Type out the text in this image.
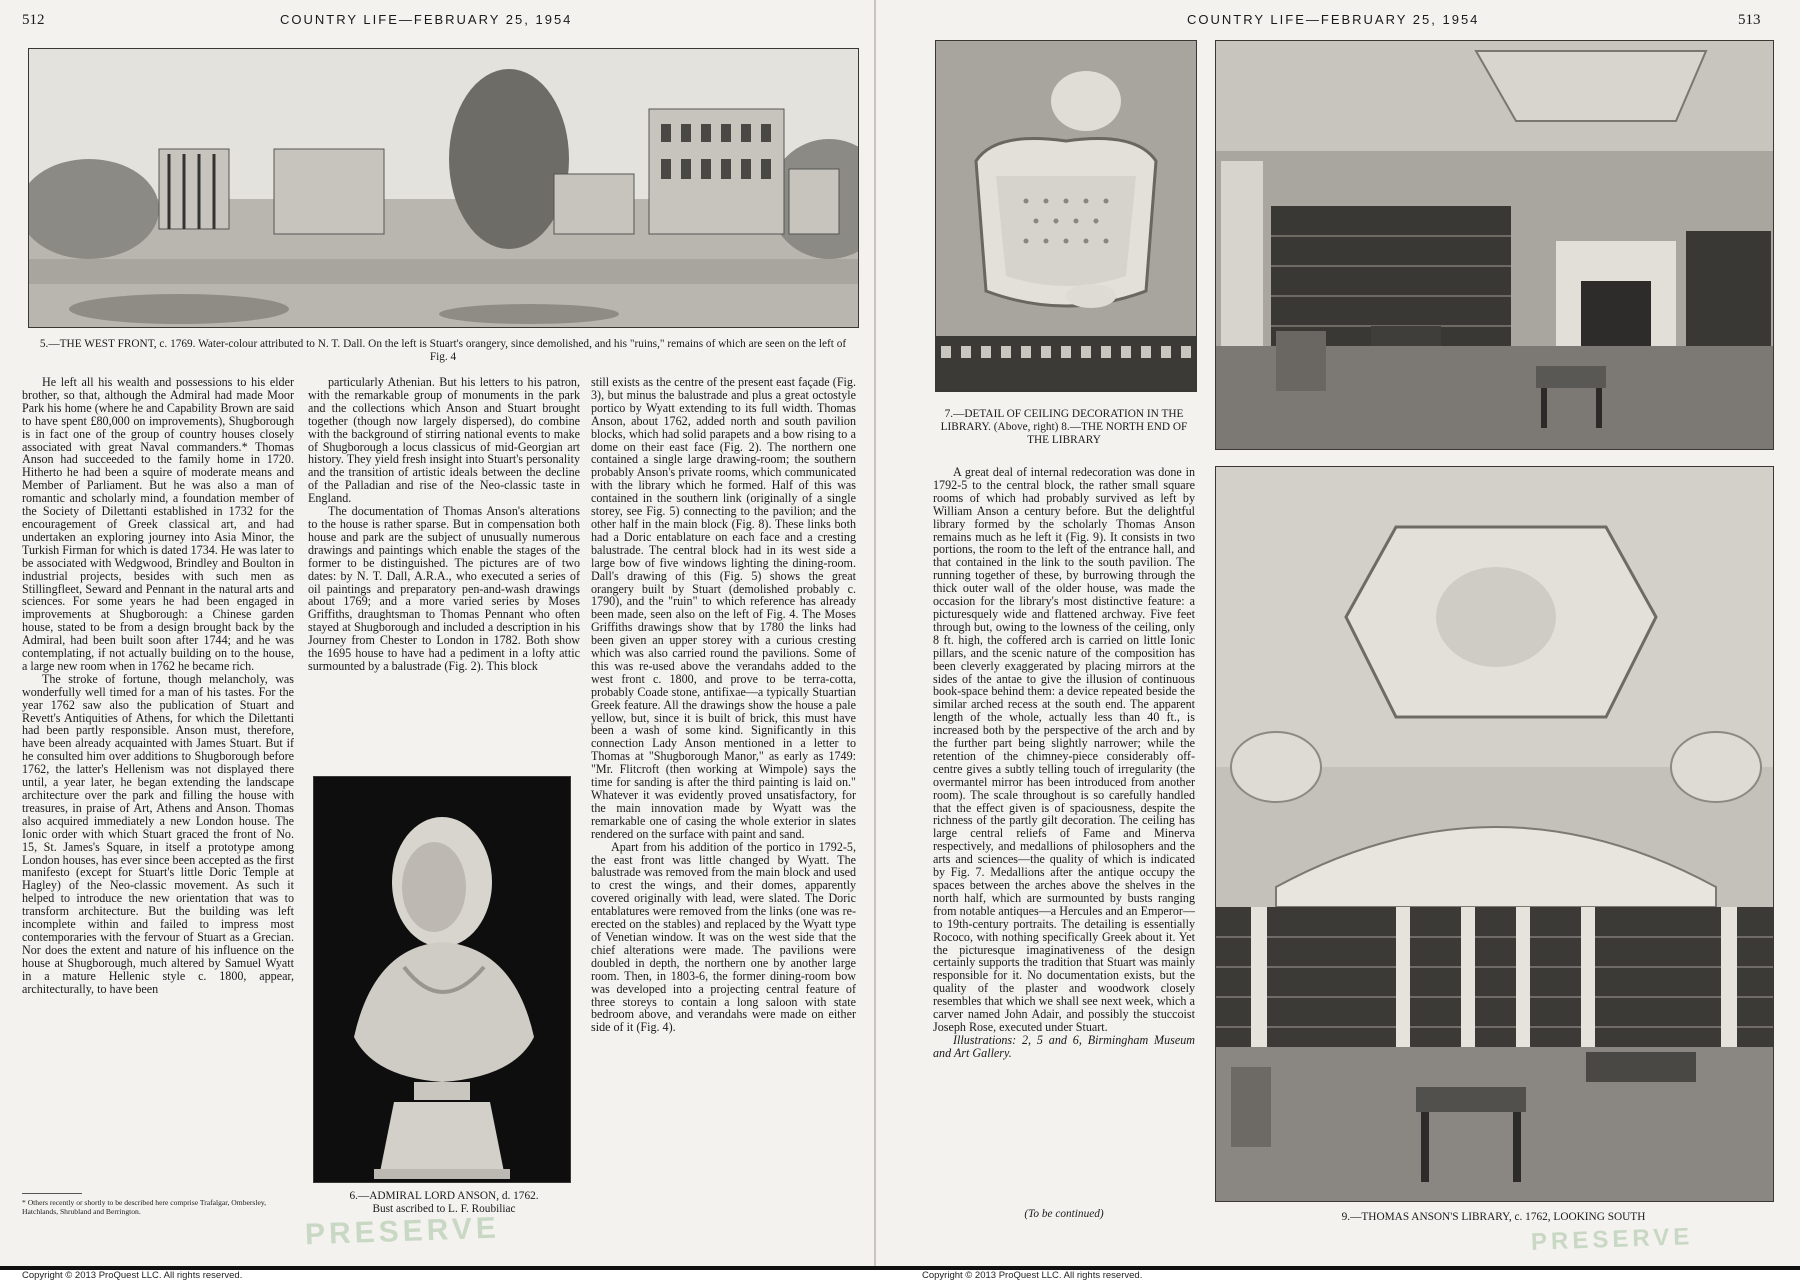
512	COUNTRY LIFE—FEBRUARY 25, 1954
5.—THE WEST FRONT, c. 1769. Water-colour attributed to N. T. Dall. On the left is Stuart's orangery, since demolished, and his "ruins," remains of which are seen on the left of Fig. 4

He left all his wealth and possessions to his elder brother, so that, although the Admiral had made Moor Park his home (where he and Capability Brown are said to have spent £80,000 on improvements), Shugborough is in fact one of the group of country houses closely associated with great Naval commanders.* Thomas Anson had succeeded to the family home in 1720. Hitherto he had been a squire of moderate means and Member of Parliament. But he was also a man of romantic and scholarly mind, a foundation member of the Society of Dilettanti established in 1732 for the encouragement of Greek classical art, and had undertaken an exploring journey into Asia Minor, the Turkish Firman for which is dated 1734. He was later to be associated with Wedgwood, Brindley and Boulton in industrial projects, besides with such men as Stillingfleet, Seward and Pennant in the natural arts and sciences. For some years he had been engaged in improvements at Shugborough: a Chinese garden house, stated to be from a design brought back by the Admiral, had been built soon after 1744; and he was contemplating, if not actually building on to the house, a large new room when in 1762 he became rich.

The stroke of fortune, though melancholy, was wonderfully well timed for a man of his tastes. For the year 1762 saw also the publication of Stuart and Revett's Antiquities of Athens, for which the Dilettanti had been partly responsible. Anson must, therefore, have been already acquainted with James Stuart. But if he consulted him over additions to Shugborough before 1762, the latter's Hellenism was not displayed there until, a year later, he began extending the landscape architecture over the park and filling the house with treasures, in praise of Art, Athens and Anson. Thomas also acquired immediately a new London house. The Ionic order with which Stuart graced the front of No. 15, St. James's Square, in itself a prototype among London houses, has ever since been accepted as the first manifesto (except for Stuart's little Doric Temple at Hagley) of the Neo-classic movement. As such it helped to introduce the new orientation that was to transform architecture. But the building was left incomplete within and failed to impress most contemporaries with the fervour of Stuart as a Grecian. Nor does the extent and nature of his influence on the house at Shugborough, much altered by Samuel Wyatt in a mature Hellenic style c. 1800, appear, architecturally, to have been

* Others recently or shortly to be described here comprise Trafalgar, Ombersley, Hatchlands, Shrubland and Berrington.

particularly Athenian. But his letters to his patron, with the remarkable group of monuments in the park and the collections which Anson and Stuart brought together (though now largely dispersed), do combine with the background of stirring national events to make of Shugborough a locus classicus of mid-Georgian art history. They yield fresh insight into Stuart's personality and the transition of artistic ideals between the decline of the Palladian and rise of the Neo-classic taste in England.

The documentation of Thomas Anson's alterations to the house is rather sparse. But in compensation both house and park are the subject of unusually numerous drawings and paintings which enable the stages of the former to be distinguished. The pictures are of two dates: by N. T. Dall, A.R.A., who executed a series of oil paintings and preparatory pen-and-wash drawings about 1769; and a more varied series by Moses Griffiths, draughtsman to Thomas Pennant who often stayed at Shugborough and included a description in his Journey from Chester to London in 1782. Both show the 1695 house to have had a pediment in a lofty attic surmounted by a balustrade (Fig. 2). This block

6.—ADMIRAL LORD ANSON, d. 1762.
Bust ascribed to L. F. Roubiliac

still exists as the centre of the present east façade (Fig. 3), but minus the balustrade and plus a great octostyle portico by Wyatt extending to its full width. Thomas Anson, about 1762, added north and south pavilion blocks, which had solid parapets and a bow rising to a dome on their east face (Fig. 2). The northern one contained a single large drawing-room; the southern probably Anson's private rooms, which communicated with the library which he formed. Half of this was contained in the southern link (originally of a single storey, see Fig. 5) connecting to the pavilion; and the other half in the main block (Fig. 8). These links both had a Doric entablature on each face and a cresting balustrade. The central block had in its west side a large bow of five windows lighting the dining-room. Dall's drawing of this (Fig. 5) shows the great orangery built by Stuart (demolished probably c. 1790), and the "ruin" to which reference has already been made, seen also on the left of Fig. 4. The Moses Griffiths drawings show that by 1780 the links had been given an upper storey with a curious cresting which was also carried round the pavilions. Some of this was re-used above the verandahs added to the west front c. 1800, and prove to be terra-cotta, probably Coade stone, antifixae—a typically Stuartian Greek feature. All the drawings show the house a pale yellow, but, since it is built of brick, this must have been a wash of some kind. Significantly in this connection Lady Anson mentioned in a letter to Thomas at "Shugborough Manor," as early as 1749: "Mr. Flitcroft (then working at Wimpole) says the time for sanding is after the third painting is laid on." Whatever it was evidently proved unsatisfactory, for the main innovation made by Wyatt was the remarkable one of casing the whole exterior in slates rendered on the surface with paint and sand.

Apart from his addition of the portico in 1792-5, the east front was little changed by Wyatt. The balustrade was removed from the main block and used to crest the wings, and their domes, apparently covered originally with lead, were slated. The Doric entablatures were removed from the links (one was re-erected on the stables) and replaced by the Wyatt type of Venetian window. It was on the west side that the chief alterations were made. The pavilions were doubled in depth, the northern one by another large room. Then, in 1803-6, the former dining-room bow was developed into a projecting central feature of three storeys to contain a long saloon with state bedroom above, and verandahs were made on either side of it (Fig. 4).

PRESERVE
COUNTRY LIFE—FEBRUARY 25, 1954	513
7.—DETAIL OF CEILING DECORATION IN THE LIBRARY. (Above, right) 8.—THE NORTH END OF THE LIBRARY

A great deal of internal redecoration was done in 1792-5 to the central block, the rather small square rooms of which had probably survived as left by William Anson a century before. But the delightful library formed by the scholarly Thomas Anson remains much as he left it (Fig. 9). It consists in two portions, the room to the left of the entrance hall, and that contained in the link to the south pavilion. The running together of these, by burrowing through the thick outer wall of the older house, was made the occasion for the library's most distinctive feature: a picturesquely wide and flattened archway. Five feet through but, owing to the lowness of the ceiling, only 8 ft. high, the coffered arch is carried on little Ionic pillars, and the scenic nature of the composition has been cleverly exaggerated by placing mirrors at the sides of the antae to give the illusion of continuous book-space behind them: a device repeated beside the similar arched recess at the south end. The apparent length of the whole, actually less than 40 ft., is increased both by the perspective of the arch and by the further part being slightly narrower; while the retention of the chimney-piece considerably off-centre gives a subtly telling touch of irregularity (the overmantel mirror has been introduced from another room). The scale throughout is so carefully handled that the effect given is of spaciousness, despite the richness of the partly gilt decoration. The ceiling has large central reliefs of Fame and Minerva respectively, and medallions of philosophers and the arts and sciences—the quality of which is indicated by Fig. 7. Medallions after the antique occupy the spaces between the arches above the shelves in the north half, which are surmounted by busts ranging from notable antiques—a Hercules and an Emperor—to 19th-century portraits. The detailing is essentially Rococo, with nothing specifically Greek about it. Yet the picturesque imaginativeness of the design certainly supports the tradition that Stuart was mainly responsible for it. No documentation exists, but the quality of the plaster and woodwork closely resembles that which we shall see next week, which a carver named John Adair, and possibly the stuccoist Joseph Rose, executed under Stuart.

Illustrations: 2, 5 and 6, Birmingham Museum and Art Gallery.

(To be continued)	9.—THOMAS ANSON'S LIBRARY, c. 1762, LOOKING SOUTH
PRESERVE
Copyright © 2013 ProQuest LLC. All rights reserved.	Copyright © 2013 ProQuest LLC. All rights reserved.
